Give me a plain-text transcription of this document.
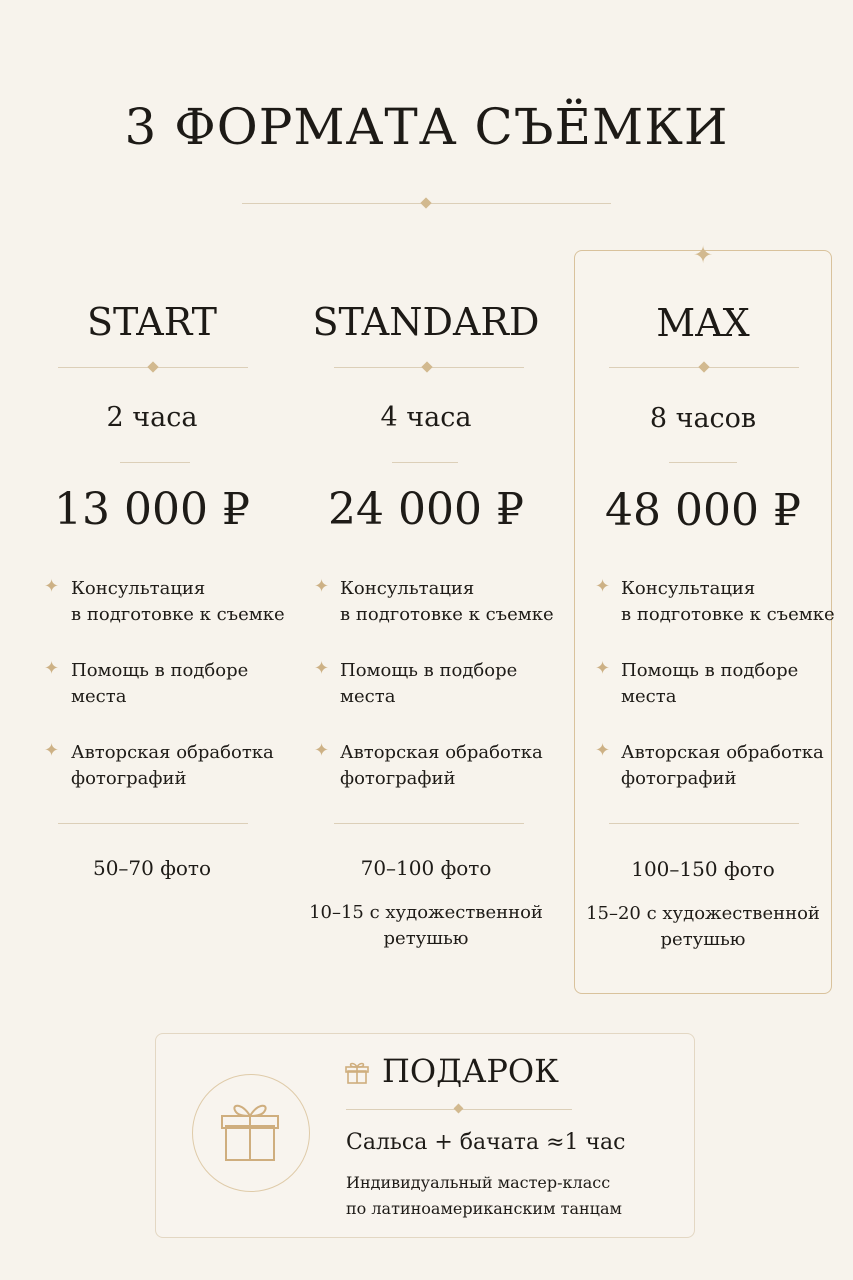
3 ФОРМАТА СЪЁМКИ
START
2 часа
13 000 ₽
✦ Консультация
в подготовке к съемке
✦ Помощь в подборе
места
✦ Авторская обработка
фотографий
50–70 фото
STANDARD
4 часа
24 000 ₽
✦ Консультация
в подготовке к съемке
✦ Помощь в подборе
места
✦ Авторская обработка
фотографий
70–100 фото
10–15 с художественной
ретушью
MAX
8 часов
48 000 ₽
✦ Консультация
в подготовке к съемке
✦ Помощь в подборе
места
✦ Авторская обработка
фотографий
100–150 фото
15–20 с художественной
ретушью
✦
ПОДАРОК
Сальса + бачата ≈1 час
Индивидуальный мастер-класс
по латиноамериканским танцам
